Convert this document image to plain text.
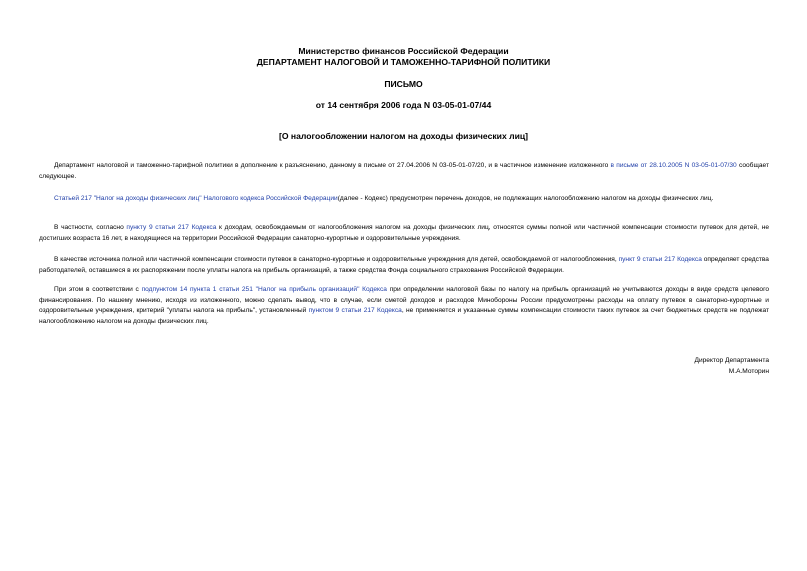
Министерство финансов Российской Федерации
ДЕПАРТАМЕНТ НАЛОГОВОЙ И ТАМОЖЕННО-ТАРИФНОЙ ПОЛИТИКИ
ПИСЬМО
от 14 сентября 2006 года N 03-05-01-07/44
[О налогообложении налогом на доходы физических лиц]
Департамент налоговой и таможенно-тарифной политики в дополнение к разъяснению, данному в письме от 27.04.2006 N 03-05-01-07/20, и в частичное изменение изложенного в письме от 28.10.2005 N 03-05-01-07/30 сообщает следующее.
Статьей 217 "Налог на доходы физических лиц" Налогового кодекса Российской Федерации(далее - Кодекс) предусмотрен перечень доходов, не подлежащих налогообложению налогом на доходы физических лиц.
В частности, согласно пункту 9 статьи 217 Кодекса к доходам, освобождаемым от налогообложения налогом на доходы физических лиц, относятся суммы полной или частичной компенсации стоимости путевок для детей, не достигших возраста 16 лет, в находящиеся на территории Российской Федерации санаторно-курортные и оздоровительные учреждения.
В качестве источника полной или частичной компенсации стоимости путевок в санаторно-курортные и оздоровительные учреждения для детей, освобождаемой от налогообложения, пункт 9 статьи 217 Кодекса определяет средства работодателей, оставшиеся в их распоряжении после уплаты налога на прибыль организаций, а также средства Фонда социального страхования Российской Федерации.
При этом в соответствии с подпунктом 14 пункта 1 статьи 251 "Налог на прибыль организаций" Кодекса при определении налоговой базы по налогу на прибыль организаций не учитываются доходы в виде средств целевого финансирования. По нашему мнению, исходя из изложенного, можно сделать вывод, что в случае, если сметой доходов и расходов Минобороны России предусмотрены расходы на оплату путевок в санаторно-курортные и оздоровительные учреждения, критерий "уплаты налога на прибыль", установленный пунктом 9 статьи 217 Кодекса, не применяется и указанные суммы компенсации стоимости таких путевок за счет бюджетных средств не подлежат налогообложению налогом на доходы физических лиц.
Директор Департамента
М.А.Моторин
